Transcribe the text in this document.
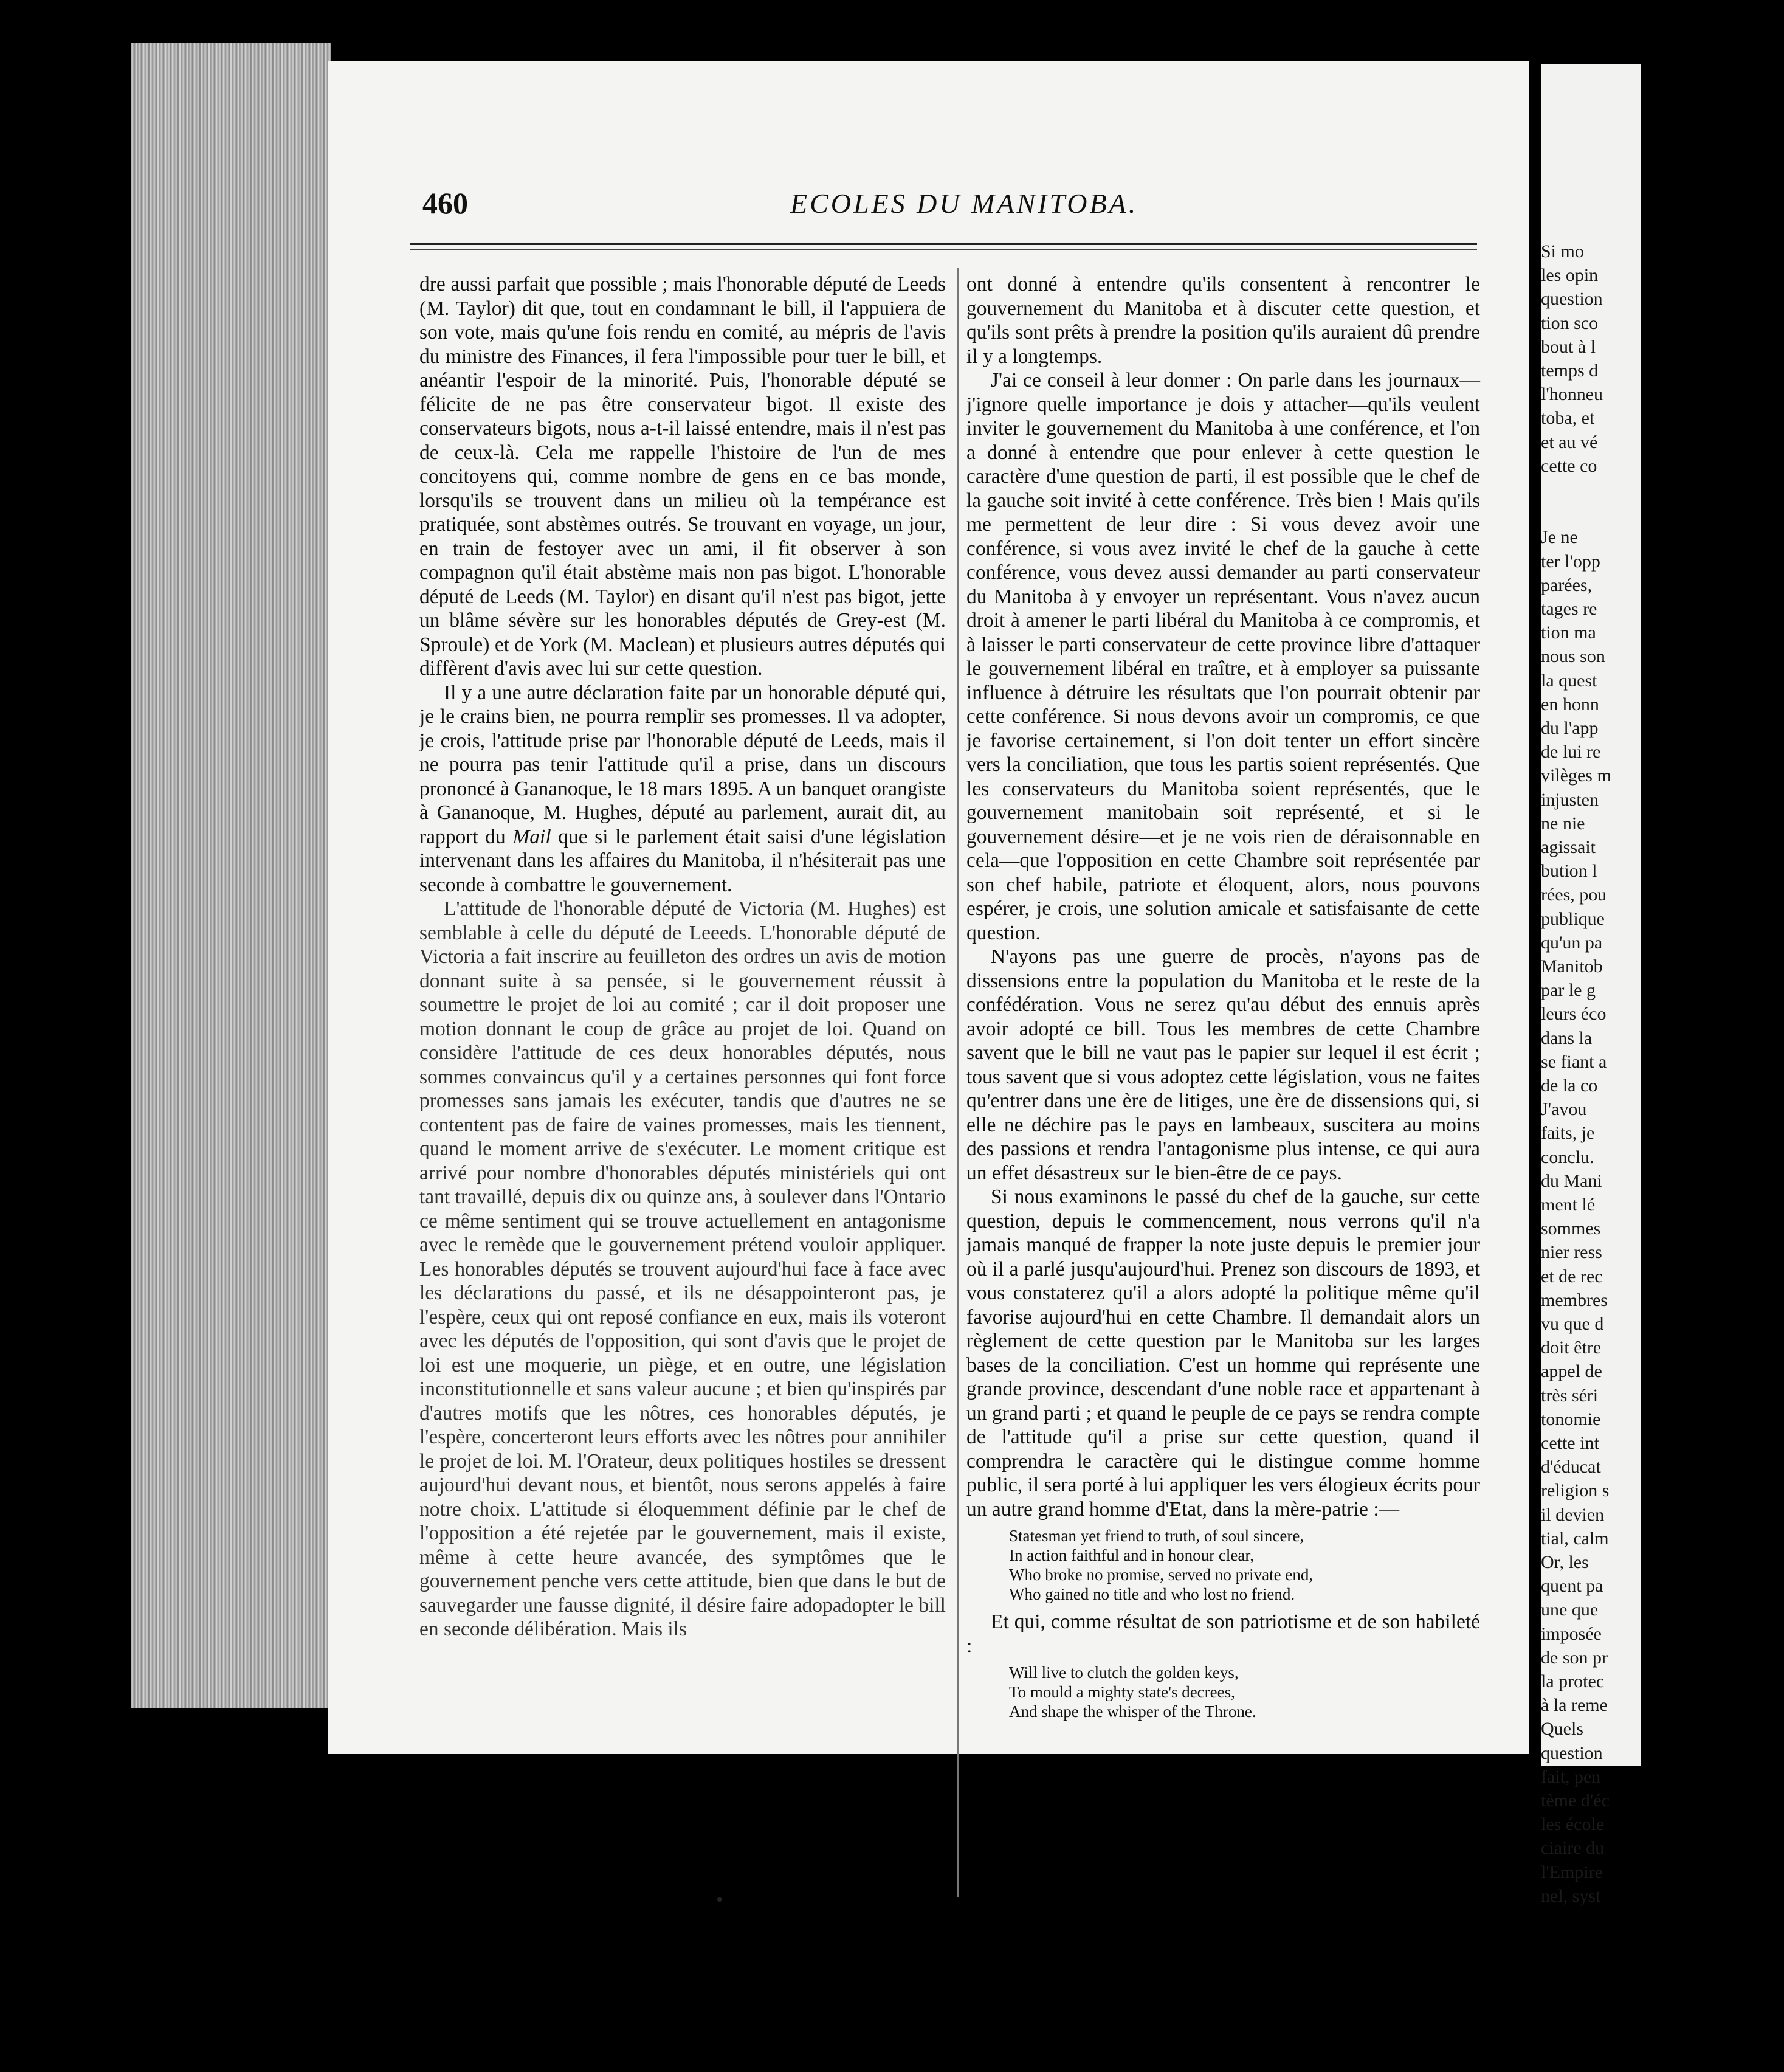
Si mo
les opin
question
tion sco
bout à l
temps d
l'honneu
toba, et
et au vé
cette co
Je ne
ter l'opp
parées,
tages re
tion ma
nous son
la quest
en honn
du l'app
de lui re
vilèges m
injusten
ne nie
agissait
bution l
rées, pou
publique
qu'un pa
Manitob
par le g
leurs éco
dans la
se fiant a
de la co
J'avou
faits, je
conclu.
du Mani
ment lé
sommes
nier ress
et de rec
membres
vu que d
doit être
appel de
très séri
tonomie
cette int
d'éducat
religion s
il devien
tial, calm
Or, les
quent pa
une que
imposée
de son pr
la protec
à la reme
Quels
question
fait, pen
tème d'éc
les école
ciaire du
l'Empire
nel, syst
460	ECOLES DU MANITOBA.

dre aussi parfait que possible ; mais l'honorable député de Leeds (M. Taylor) dit que, tout en condamnant le bill, il l'appuiera de son vote, mais qu'une fois rendu en comité, au mépris de l'avis du ministre des Finances, il fera l'impossible pour tuer le bill, et anéantir l'espoir de la minorité. Puis, l'honorable député se félicite de ne pas être conservateur bigot. Il existe des conservateurs bigots, nous a-t-il laissé entendre, mais il n'est pas de ceux-là. Cela me rappelle l'histoire de l'un de mes concitoyens qui, comme nombre de gens en ce bas monde, lorsqu'ils se trouvent dans un milieu où la tempérance est pratiquée, sont abstèmes outrés. Se trouvant en voyage, un jour, en train de festoyer avec un ami, il fit observer à son compagnon qu'il était abstème mais non pas bigot. L'honorable député de Leeds (M. Taylor) en disant qu'il n'est pas bigot, jette un blâme sévère sur les honorables députés de Grey-est (M. Sproule) et de York (M. Maclean) et plusieurs autres députés qui diffèrent d'avis avec lui sur cette question.

Il y a une autre déclaration faite par un honorable député qui, je le crains bien, ne pourra remplir ses promesses. Il va adopter, je crois, l'attitude prise par l'honorable député de Leeds, mais il ne pourra pas tenir l'attitude qu'il a prise, dans un discours prononcé à Gananoque, le 18 mars 1895. A un banquet orangiste à Gananoque, M. Hughes, député au parlement, aurait dit, au rapport du Mail que si le parlement était saisi d'une législation intervenant dans les affaires du Manitoba, il n'hésiterait pas une seconde à combattre le gouvernement.

L'attitude de l'honorable député de Victoria (M. Hughes) est semblable à celle du député de Leeeds. L'honorable député de Victoria a fait inscrire au feuilleton des ordres un avis de motion donnant suite à sa pensée, si le gouvernement réussit à soumettre le projet de loi au comité ; car il doit proposer une motion donnant le coup de grâce au projet de loi. Quand on considère l'attitude de ces deux honorables députés, nous sommes convaincus qu'il y a certaines personnes qui font force promesses sans jamais les exécuter, tandis que d'autres ne se contentent pas de faire de vaines promesses, mais les tiennent, quand le moment arrive de s'exécuter. Le moment critique est arrivé pour nombre d'honorables députés ministériels qui ont tant travaillé, depuis dix ou quinze ans, à soulever dans l'Ontario ce même sentiment qui se trouve actuellement en antagonisme avec le remède que le gouvernement prétend vouloir appliquer. Les honorables députés se trouvent aujourd'hui face à face avec les déclarations du passé, et ils ne désappointeront pas, je l'espère, ceux qui ont reposé confiance en eux, mais ils voteront avec les députés de l'opposition, qui sont d'avis que le projet de loi est une moquerie, un piège, et en outre, une législation inconstitutionnelle et sans valeur aucune ; et bien qu'inspirés par d'autres motifs que les nôtres, ces honorables députés, je l'espère, concerteront leurs efforts avec les nôtres pour annihiler le projet de loi. M. l'Orateur, deux politiques hostiles se dressent aujourd'hui devant nous, et bientôt, nous serons appelés à faire notre choix. L'attitude si éloquemment définie par le chef de l'opposition a été rejetée par le gouvernement, mais il existe, même à cette heure avancée, des symptômes que le gouvernement penche vers cette attitude, bien que dans le but de sauvegarder une fausse dignité, il désire faire adopadopter le bill en seconde délibération. Mais ils

ont donné à entendre qu'ils consentent à rencontrer le gouvernement du Manitoba et à discuter cette question, et qu'ils sont prêts à prendre la position qu'ils auraient dû prendre il y a longtemps.

J'ai ce conseil à leur donner : On parle dans les journaux—j'ignore quelle importance je dois y attacher—qu'ils veulent inviter le gouvernement du Manitoba à une conférence, et l'on a donné à entendre que pour enlever à cette question le caractère d'une question de parti, il est possible que le chef de la gauche soit invité à cette conférence. Très bien ! Mais qu'ils me permettent de leur dire : Si vous devez avoir une conférence, si vous avez invité le chef de la gauche à cette conférence, vous devez aussi demander au parti conservateur du Manitoba à y envoyer un représentant. Vous n'avez aucun droit à amener le parti libéral du Manitoba à ce compromis, et à laisser le parti conservateur de cette province libre d'attaquer le gouvernement libéral en traître, et à employer sa puissante influence à détruire les résultats que l'on pourrait obtenir par cette conférence. Si nous devons avoir un compromis, ce que je favorise certainement, si l'on doit tenter un effort sincère vers la conciliation, que tous les partis soient représentés. Que les conservateurs du Manitoba soient représentés, que le gouvernement manitobain soit représenté, et si le gouvernement désire—et je ne vois rien de déraisonnable en cela—que l'opposition en cette Chambre soit représentée par son chef habile, patriote et éloquent, alors, nous pouvons espérer, je crois, une solution amicale et satisfaisante de cette question.

N'ayons pas une guerre de procès, n'ayons pas de dissensions entre la population du Manitoba et le reste de la confédération. Vous ne serez qu'au début des ennuis après avoir adopté ce bill. Tous les membres de cette Chambre savent que le bill ne vaut pas le papier sur lequel il est écrit ; tous savent que si vous adoptez cette législation, vous ne faites qu'entrer dans une ère de litiges, une ère de dissensions qui, si elle ne déchire pas le pays en lambeaux, suscitera au moins des passions et rendra l'antagonisme plus intense, ce qui aura un effet désastreux sur le bien-être de ce pays.

Si nous examinons le passé du chef de la gauche, sur cette question, depuis le commencement, nous verrons qu'il n'a jamais manqué de frapper la note juste depuis le premier jour où il a parlé jusqu'aujourd'hui. Prenez son discours de 1893, et vous constaterez qu'il a alors adopté la politique même qu'il favorise aujourd'hui en cette Chambre. Il demandait alors un règlement de cette question par le Manitoba sur les larges bases de la conciliation. C'est un homme qui représente une grande province, descendant d'une noble race et appartenant à un grand parti ; et quand le peuple de ce pays se rendra compte de l'attitude qu'il a prise sur cette question, quand il comprendra le caractère qui le distingue comme homme public, il sera porté à lui appliquer les vers élogieux écrits pour un autre grand homme d'Etat, dans la mère-patrie :—

Statesman yet friend to truth, of soul sincere,
In action faithful and in honour clear,
Who broke no promise, served no private end,
Who gained no title and who lost no friend.

Et qui, comme résultat de son patriotisme et de son habileté :

Will live to clutch the golden keys,
To mould a mighty state's decrees,
And shape the whisper of the Throne.
